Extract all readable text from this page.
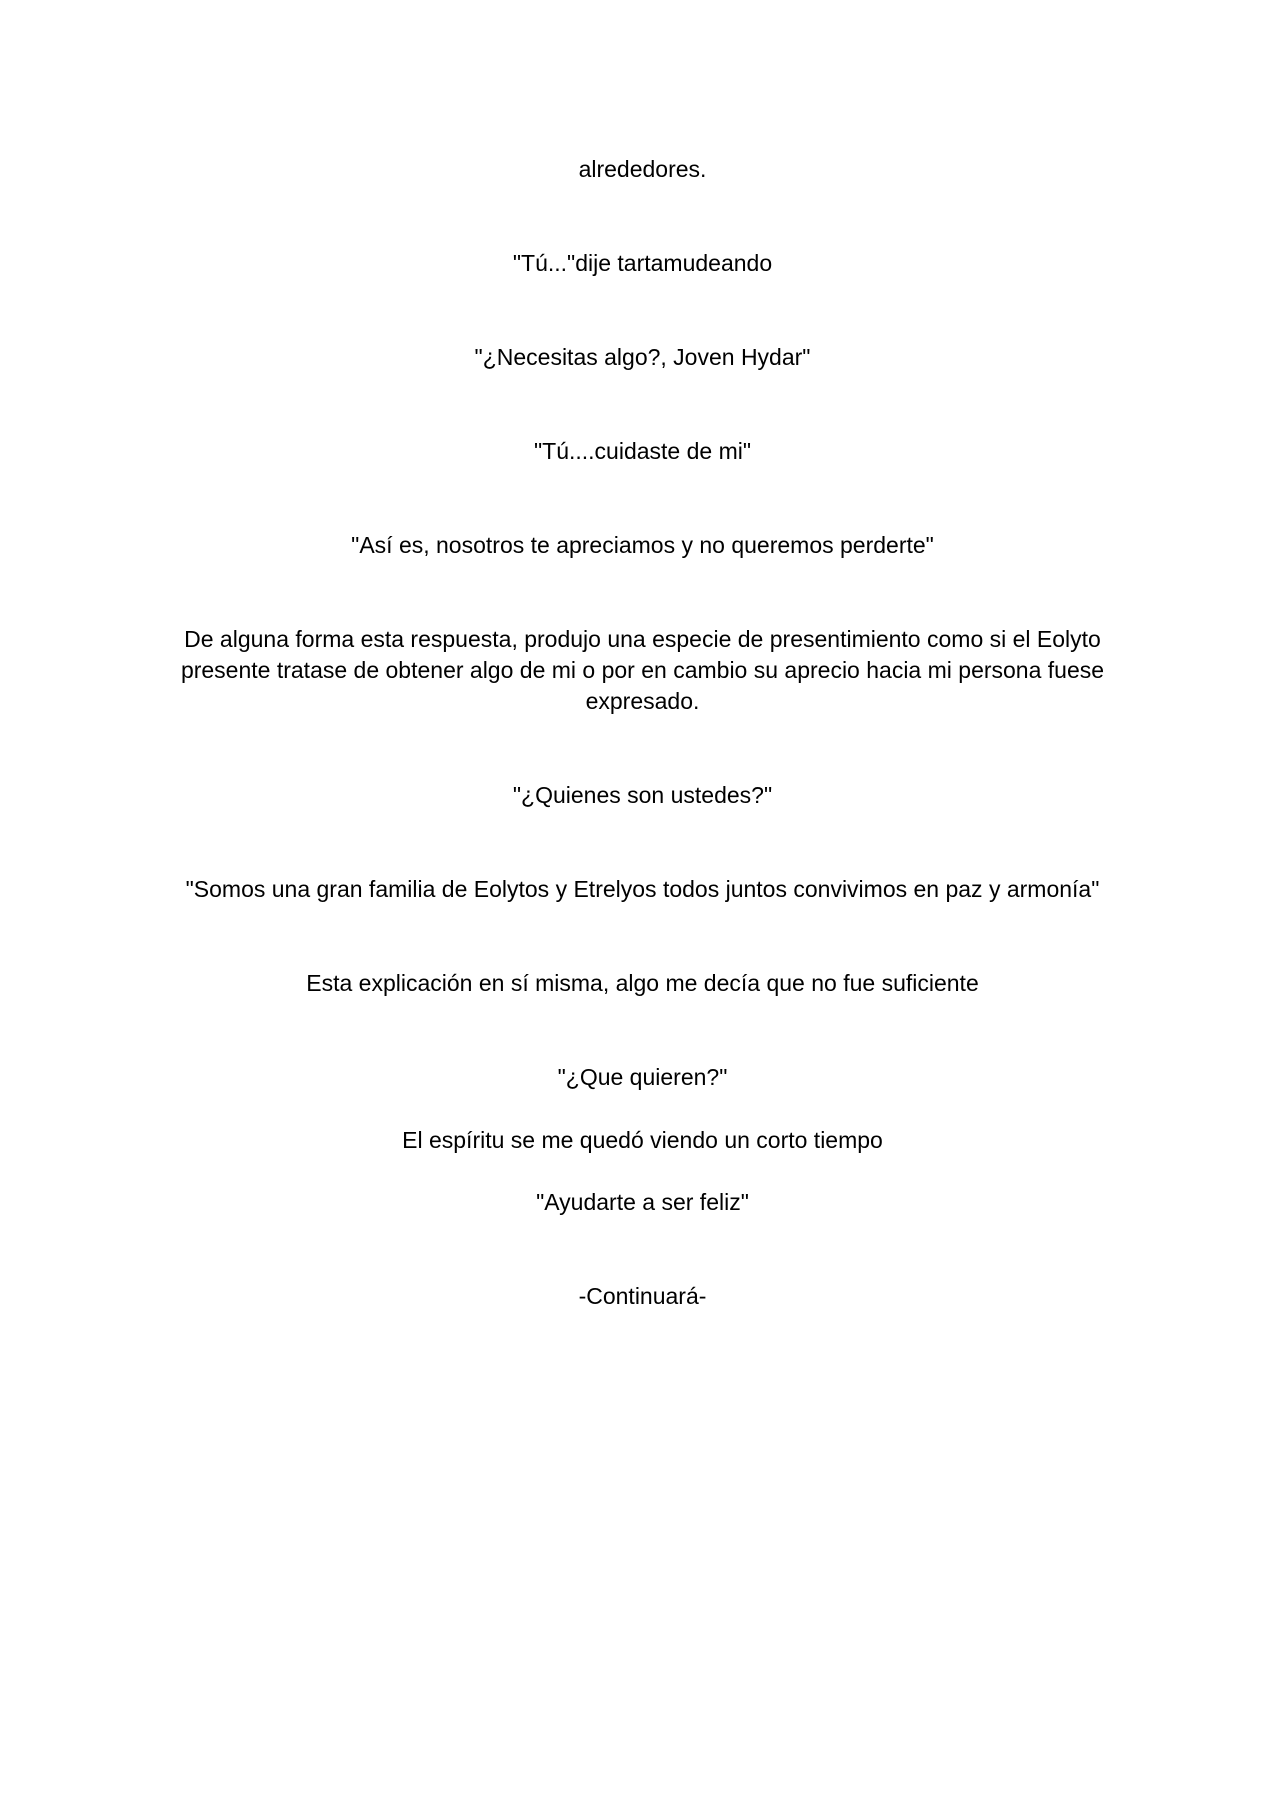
alrededores.

"Tú..."dije tartamudeando

"¿Necesitas algo?, Joven Hydar"

"Tú....cuidaste de mi"

"Así es, nosotros te apreciamos y no queremos perderte"

De alguna forma esta respuesta, produjo una especie de presentimiento como si el Eolyto presente tratase de obtener algo de mi o por en cambio su aprecio hacia mi persona fuese expresado.

"¿Quienes son ustedes?"

"Somos una gran familia de Eolytos y Etrelyos todos juntos convivimos en paz y armonía"

Esta explicación en sí misma, algo me decía que no fue suficiente

"¿Que quieren?"

El espíritu se me quedó viendo un corto tiempo

"Ayudarte a ser feliz"

-Continuará-
